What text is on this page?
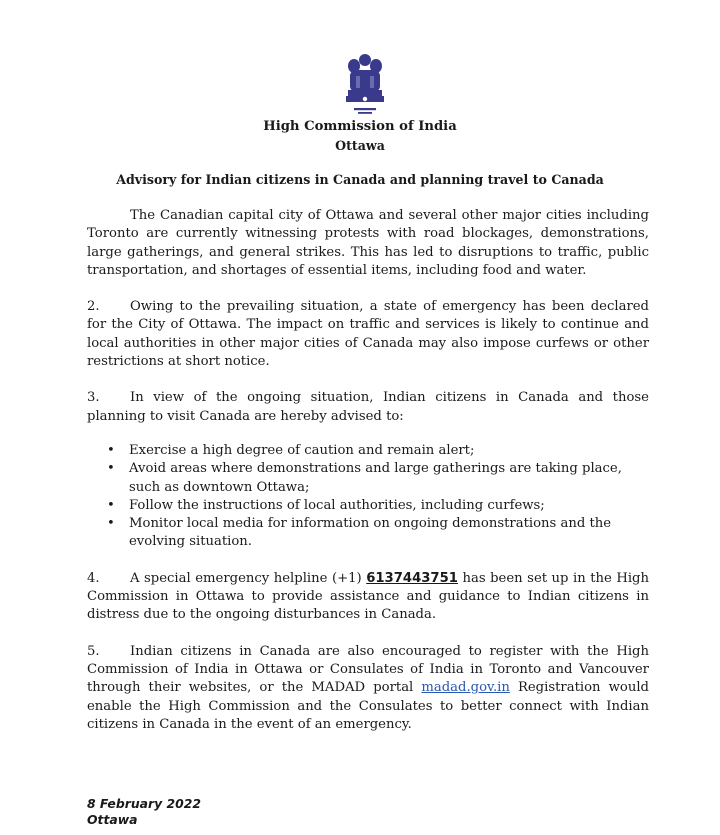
High Commission of India
Ottawa
Advisory for Indian citizens in Canada and planning travel to Canada

The Canadian capital city of Ottawa and several other major cities including Toronto are currently witnessing protests with road blockages, demonstrations, large gatherings, and general strikes. This has led to disruptions to traffic, public transportation, and shortages of essential items, including food and water.

2. Owing to the prevailing situation, a state of emergency has been declared for the City of Ottawa. The impact on traffic and services is likely to continue and local authorities in other major cities of Canada may also impose curfews or other restrictions at short notice.

3. In view of the ongoing situation, Indian citizens in Canada and those planning to visit Canada are hereby advised to:

• Exercise a high degree of caution and remain alert;
• Avoid areas where demonstrations and large gatherings are taking place, such as downtown Ottawa;
• Follow the instructions of local authorities, including curfews;
• Monitor local media for information on ongoing demonstrations and the evolving situation.

4. A special emergency helpline (+1) 6137443751 has been set up in the High Commission in Ottawa to provide assistance and guidance to Indian citizens in distress due to the ongoing disturbances in Canada.

5. Indian citizens in Canada are also encouraged to register with the High Commission of India in Ottawa or Consulates of India in Toronto and Vancouver through their websites, or the MADAD portal madad.gov.in Registration would enable the High Commission and the Consulates to better connect with Indian citizens in Canada in the event of an emergency.

8 February 2022
Ottawa
